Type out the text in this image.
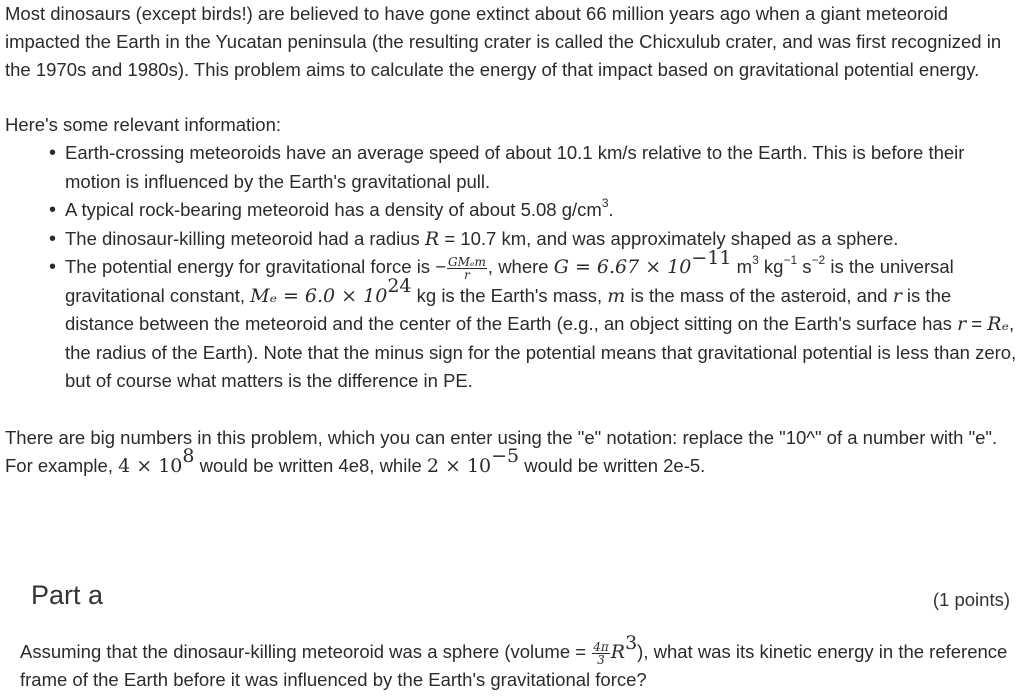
Most dinosaurs (except birds!) are believed to have gone extinct about 66 million years ago when a giant meteoroid impacted the Earth in the Yucatan peninsula (the resulting crater is called the Chicxulub crater, and was first recognized in the 1970s and 1980s). This problem aims to calculate the energy of that impact based on gravitational potential energy.

Here's some relevant information:

• Earth-crossing meteoroids have an average speed of about 10.1 km/s relative to the Earth. This is before their motion is influenced by the Earth's gravitational pull.
• A typical rock-bearing meteoroid has a density of about 5.08 $g/cm^3$.
• The dinosaur-killing meteoroid had a radius R = 10.7 km, and was approximately shaped as a sphere.
• The potential energy for gravitational force is − $\frac{\text{GMₑm}}{r}$ , where $G = 6.67 \times 10^{-11}$ $m^3$ $kg^{-1}$ $s^{-2}$ is the universal gravitational constant, $M_e = 6.0 \times 10^{24}$ kg is the Earth's mass, m is the mass of the asteroid, and r is the distance between the meteoroid and the center of the Earth (e.g., an object sitting on the Earth's surface has r = Rₑ, the radius of the Earth). Note that the minus sign for the potential means that gravitational potential is less than zero, but of course what matters is the difference in PE.

There are big numbers in this problem, which you can enter using the "e" notation: replace the "10^" of a number with "e". For example, $4 \times 10^8$ would be written 4e8, while $2 \times 10^{-5}$ would be written 2e-5.

Part a	(1 points)

Assuming that the dinosaur-killing meteoroid was a sphere (volume = $\frac{4\pi}{3} R^3$), what was its kinetic energy in the reference frame of the Earth before it was influenced by the Earth's gravitational force?
